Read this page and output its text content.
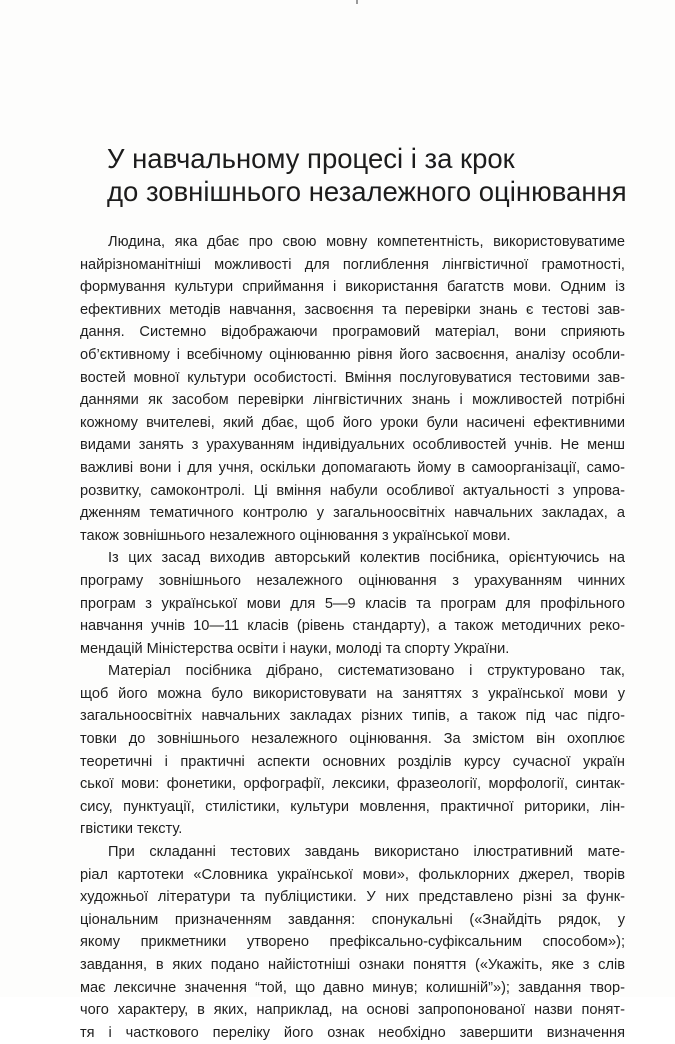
У навчальному процесі і за крок
до зовнішнього незалежного оцінювання
Людина, яка дбає про свою мовну компетентність, використовуватиме
найрізноманітніші можливості для поглиблення лінгвістичної грамотності,
формування культури сприймання і використання багатств мови. Одним із
ефективних методів навчання, засвоєння та перевірки знань є тестові зав-
дання. Системно відображаючи програмовий матеріал, вони сприяють
об’єктивному і всебічному оцінюванню рівня його засвоєння, аналізу особли-
востей мовної культури особистості. Вміння послуговуватися тестовими зав-
даннями як засобом перевірки лінгвістичних знань і можливостей потрібні
кожному вчителеві, який дбає, щоб його уроки були насичені ефективними
видами занять з урахуванням індивідуальних особливостей учнів. Не менш
важливі вони і для учня, оскільки допомагають йому в самоорганізації, само-
розвитку, самоконтролі. Ці вміння набули особливої актуальності з упрова-
дженням тематичного контролю у загальноосвітніх навчальних закладах, а
також зовнішнього незалежного оцінювання з української мови.
Із цих засад виходив авторський колектив посібника, орієнтуючись на
програму зовнішнього незалежного оцінювання з урахуванням чинних
програм з української мови для 5—9 класів та програм для профільного
навчання учнів 10—11 класів (рівень стандарту), а також методичних реко-
мендацій Міністерства освіти і науки, молоді та спорту України.
Матеріал посібника дібрано, систематизовано і структуровано так,
щоб його можна було використовувати на заняттях з української мови у
загальноосвітніх навчальних закладах різних типів, а також під час підго-
товки до зовнішнього незалежного оцінювання. За змістом він охоплює
теоретичні і практичні аспекти основних розділів курсу сучасної україн
ської мови: фонетики, орфографії, лексики, фразеології, морфології, синтак-
сису, пунктуації, стилістики, культури мовлення, практичної риторики, лін-
гвістики тексту.
При складанні тестових завдань використано ілюстративний мате-
ріал картотеки «Словника української мови», фольклорних джерел, творів
художньої літератури та публіцистики. У них представлено різні за функ-
ціональним призначенням завдання: спонукальні («Знайдіть рядок, у
якому прикметники утворено префіксально-суфіксальним способом»);
завдання, в яких подано найістотніші ознаки поняття («Укажіть, яке з слів
має лексичне значення “той, що давно минув; колишній”»); завдання твор-
чого характеру, в яких, наприклад, на основі запропонованої назви понят-
тя і часткового переліку його ознак необхідно завершити визначення
